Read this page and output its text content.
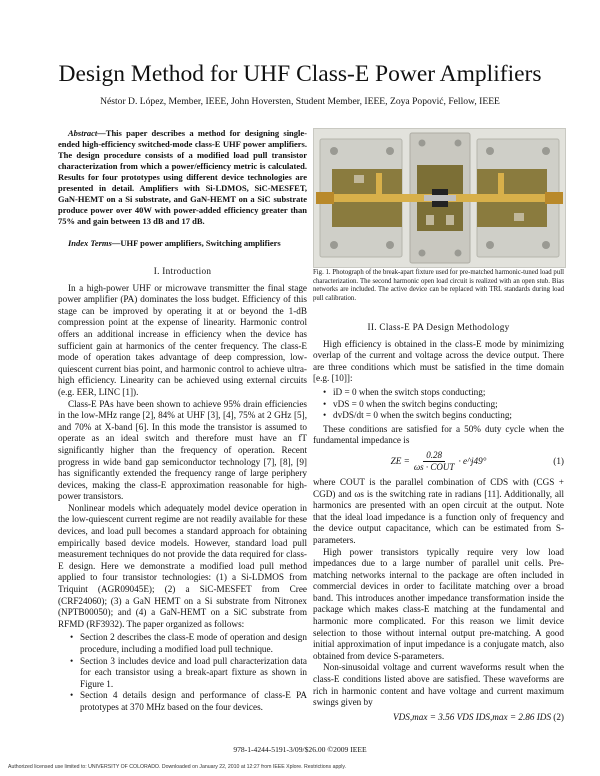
Design Method for UHF Class-E Power Amplifiers
Néstor D. López, Member, IEEE, John Hoversten, Student Member, IEEE, Zoya Popović, Fellow, IEEE
Abstract—This paper describes a method for designing single-ended high-efficiency switched-mode class-E UHF power amplifiers. The design procedure consists of a modified load pull transistor characterization from which a power/efficiency metric is calculated. Results for four prototypes using different device technologies are presented in detail. Amplifiers with Si-LDMOS, SiC-MESFET, GaN-HEMT on a Si substrate, and GaN-HEMT on a SiC substrate produce power over 40W with power-added efficiency greater than 75% and gain between 13 dB and 17 dB.
Index Terms—UHF power amplifiers, Switching amplifiers
I. Introduction

In a high-power UHF or microwave transmitter the final stage power amplifier (PA) dominates the loss budget. Efficiency of this stage can be improved by operating it at or beyond the 1-dB compression point at the expense of linearity. Harmonic control offers an additional increase in efficiency when the device has sufficient gain at harmonics of the center frequency. The class-E mode of operation takes advantage of deep compression, low-quiescent current bias point, and harmonic control to achieve ultra-high efficiency. Linearity can be achieved using external circuits (e.g. EER, LINC [1]).

Class-E PAs have been shown to achieve 95% drain efficiencies in the low-MHz range [2], 84% at UHF [3], [4], 75% at 2 GHz [5], and 70% at X-band [6]. In this mode the transistor is assumed to operate as an ideal switch and therefore must have an fT significantly higher than the frequency of operation. Recent progress in wide band gap semiconductor technology [7], [8], [9] has significantly extended the frequency range of large periphery devices, making the class-E approximation reasonable for high-power transistors.

Nonlinear models which adequately model device operation in the low-quiescent current regime are not readily available for these devices, and load pull becomes a standard approach for obtaining empirically based device models. However, standard load pull measurement techniques do not provide the data required for class-E design. Here we demonstrate a modified load pull method applied to four transistor technologies: (1) a Si-LDMOS from Triquint (AGR09045E); (2) a SiC-MESFET from Cree (CRF24060); (3) a GaN HEMT on a Si substrate from Nitronex (NPTB00050); and (4) a GaN-HEMT on a SiC substrate from RFMD (RF3932). The paper organized as follows:

• Section 2 describes the class-E mode of operation and design procedure, including a modified load pull technique.
• Section 3 includes device and load pull characterization data for each transistor using a break-apart fixture as shown in Figure 1.
• Section 4 details design and performance of class-E PA prototypes at 370 MHz based on the four devices.
Fig. 1. Photograph of the break-apart fixture used for pre-matched harmonic-tuned load pull characterization. The second harmonic open load circuit is realized with an open stub. Bias networks are included. The active device can be replaced with TRL standards during load pull calibration.
II. Class-E PA Design Methodology

High efficiency is obtained in the class-E mode by minimizing overlap of the current and voltage across the device output. There are three conditions which must be satisfied in the time domain [e.g. [10]]:

• iD = 0 when the switch stops conducting;
• vDS = 0 when the switch begins conducting;
• dvDS/dt = 0 when the switch begins conducting;

These conditions are satisfied for a 50% duty cycle when the fundamental impedance is

ZE = $\frac{0.28}{\text{ωs · COUT}}$ · e^j49°	(1)

where COUT is the parallel combination of CDS with (CGS + CGD) and ωs is the switching rate in radians [11]. Additionally, all harmonics are presented with an open circuit at the output. Note that the ideal load impedance is a function only of frequency and the device output capacitance, which can be estimated from S-parameters.

High power transistors typically require very low load impedances due to a large number of parallel unit cells. Pre-matching networks internal to the package are often included in commercial devices in order to facilitate matching over a broad band. This introduces another impedance transformation inside the package which makes class-E matching at the fundamental and harmonic more complicated. For this reason we limit device selection to those without internal output pre-matching. A good initial approximation of input impedance is a conjugate match, also obtained from device S-parameters.

Non-sinusoidal voltage and current waveforms result when the class-E conditions listed above are satisfied. These waveforms are rich in harmonic content and have voltage and current maximum swings given by

VDS,max = 3.56 VDS IDS,max = 2.86 IDS (2)
978-1-4244-5191-3/09/$26.00 ©2009 IEEE
Authorized licensed use limited to: UNIVERSITY OF COLORADO. Downloaded on January 22, 2010 at 12:27 from IEEE Xplore. Restrictions apply.
